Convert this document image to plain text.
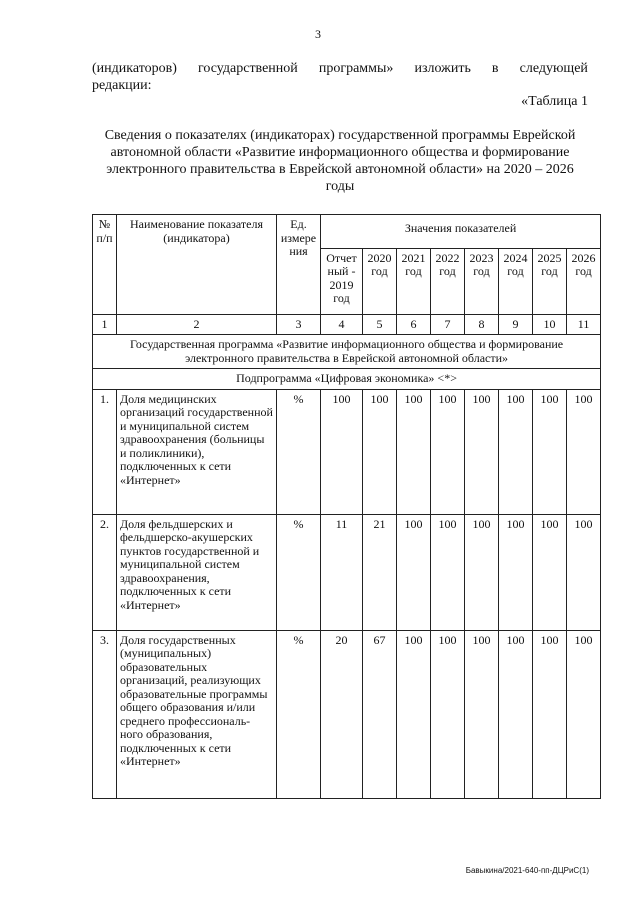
3
(индикаторов) государственной программы» изложить в следующей
редакции:
«Таблица 1
Сведения о показателях (индикаторах) государственной программы Еврейской автономной области «Развитие информационного общества и формирование электронного правительства в Еврейской автономной области» на 2020 – 2026 годы
№ п/п	Наименование показателя (индикатора)	Ед. измере ния	Значения показателей							
			Отчет ный - 2019 год	2020 год	2021 год	2022 год	2023 год	2024 год	2025 год	2026 год
1	2	3	4	5	6	7	8	9	10	11
Государственная программа «Развитие информационного общества и формирование электронного правительства в Еврейской автономной области»										
Подпрограмма «Цифровая экономика» <*>										
1.	Доля медицинских организаций государственной и муниципальной систем здравоохранения (больницы и поликлиники), подключенных к сети «Интернет»	%	100	100	100	100	100	100	100	100
2.	Доля фельдшерских и фельдшерско-акушерских пунктов государственной и муниципальной систем здравоохранения, подключенных к сети «Интернет»	%	11	21	100	100	100	100	100	100
3.	Доля государственных (муниципальных) образовательных организаций, реализующих образовательные программы общего образования и/или среднего профессиональ-ного образования, подключенных к сети «Интернет»	%	20	67	100	100	100	100	100	100
Бавыкина/2021-640-пп-ДЦРиС(1)
